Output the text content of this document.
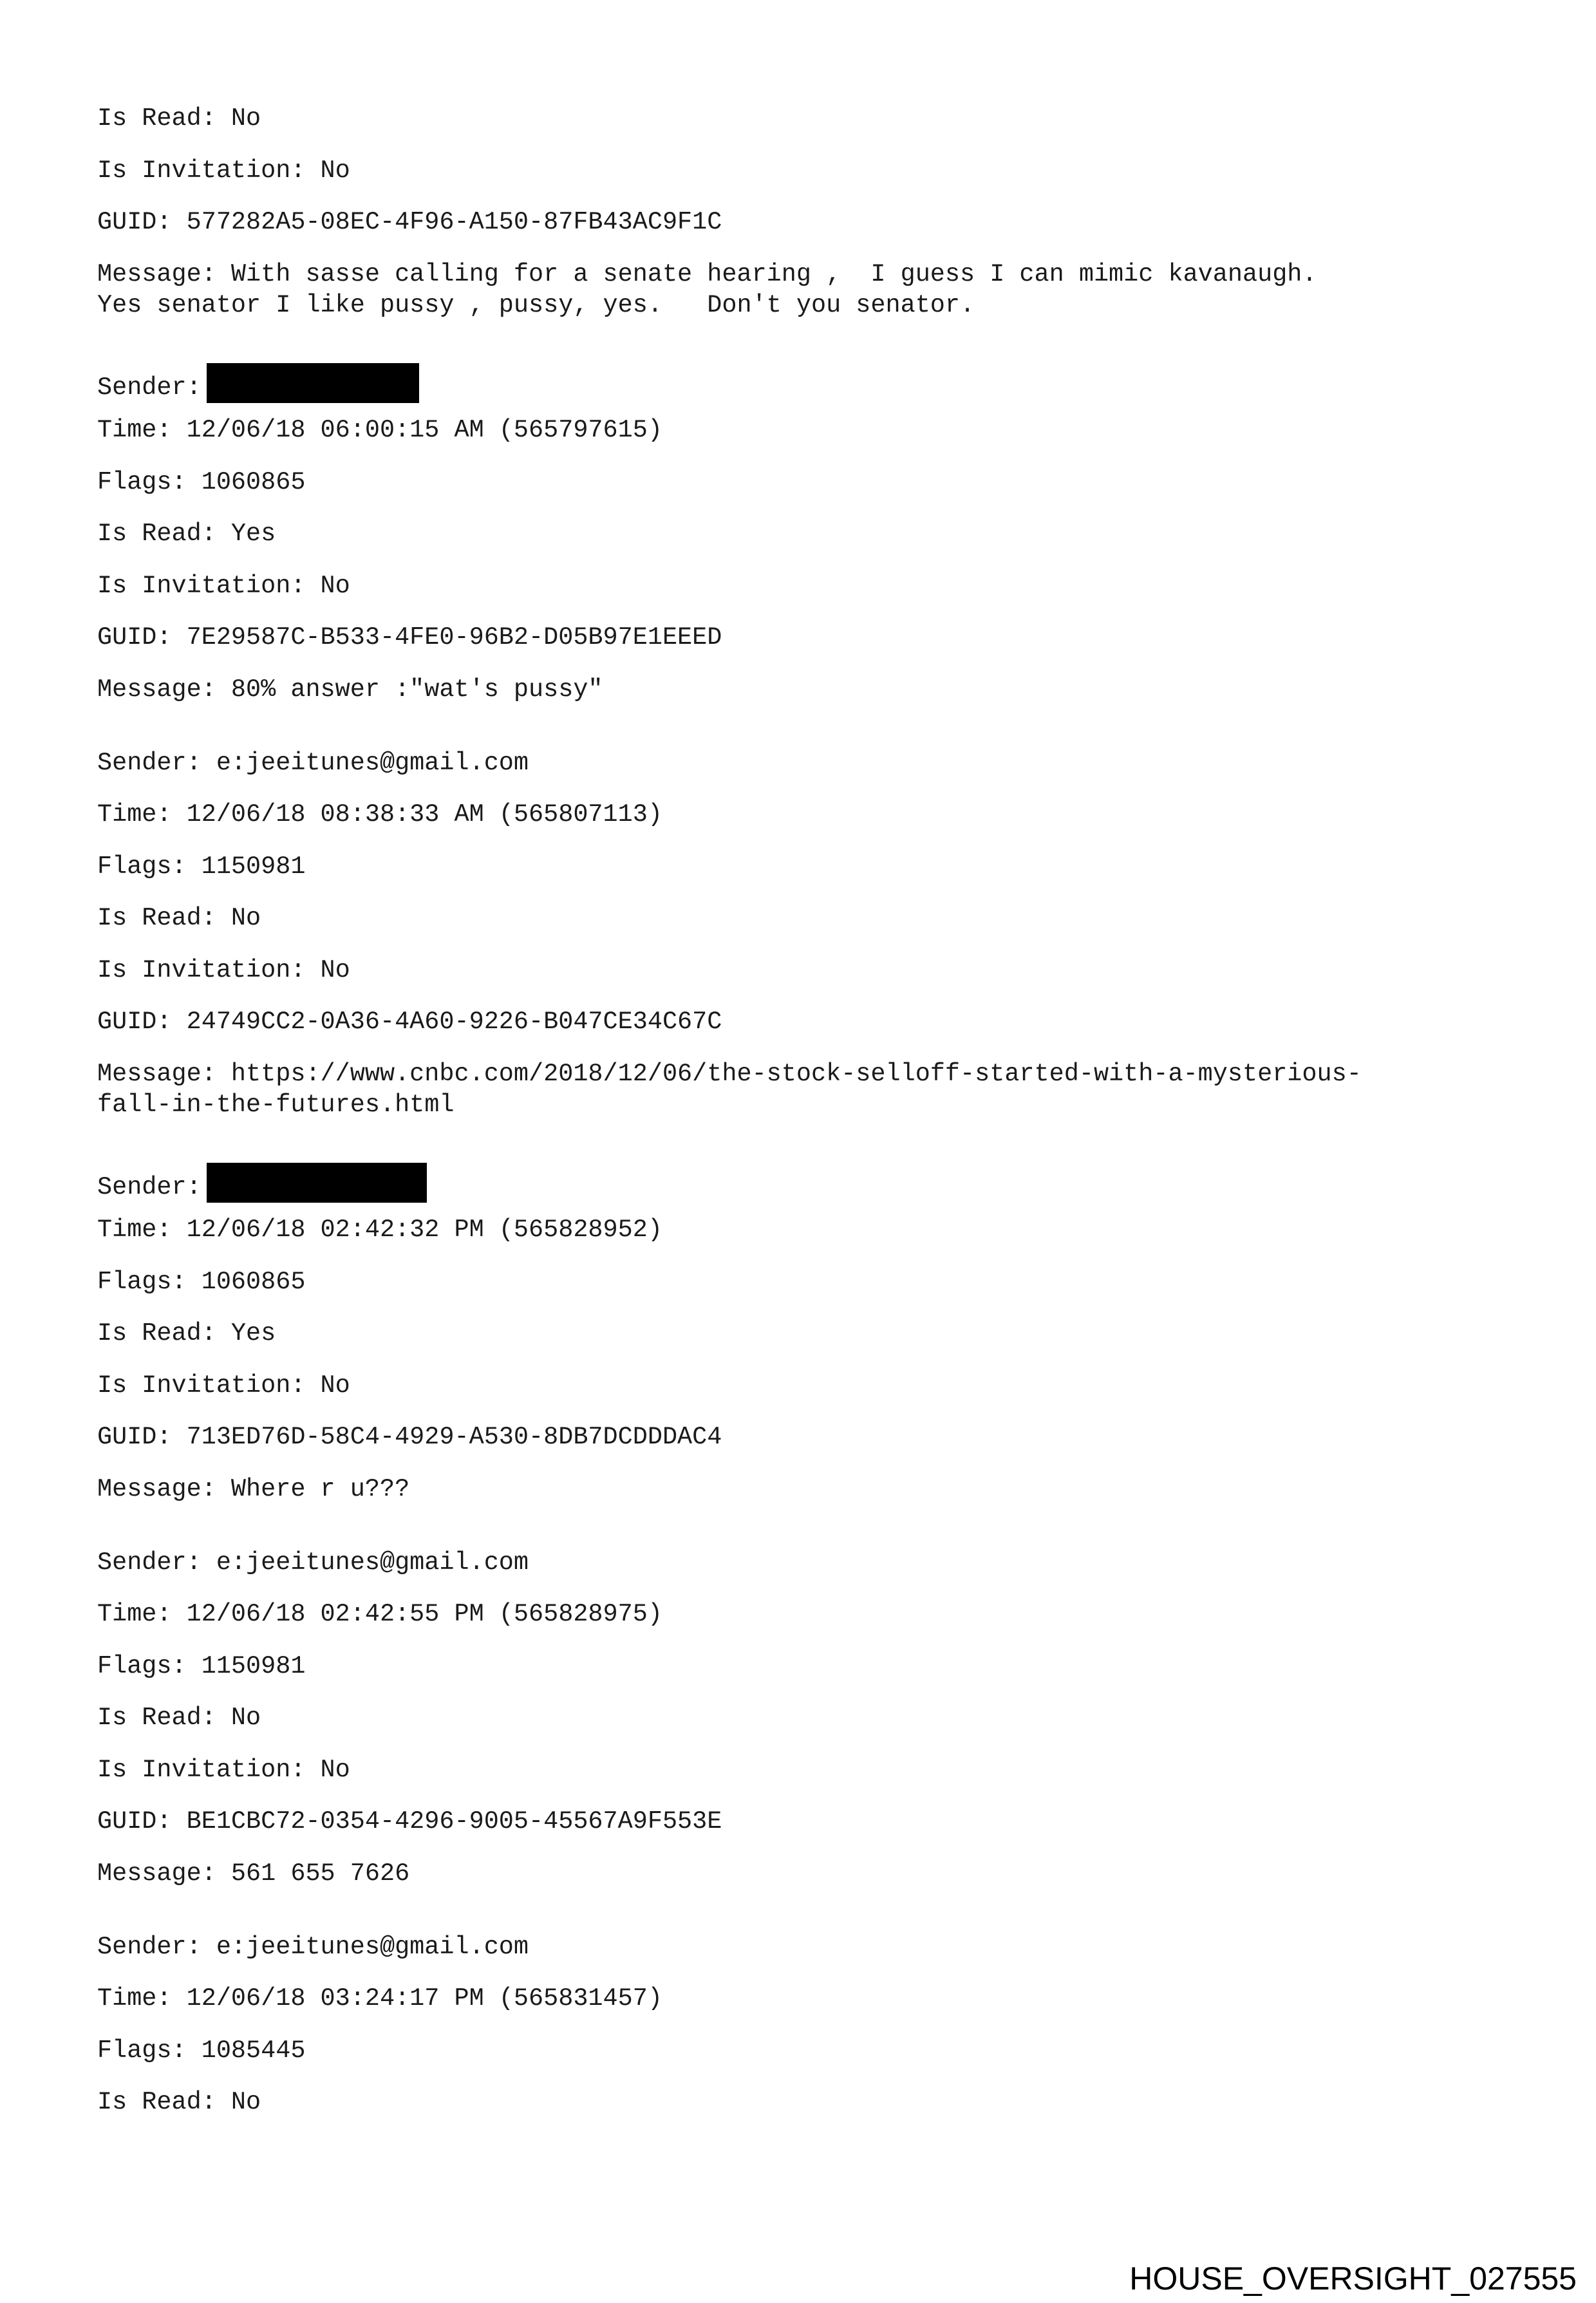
Is Read: No
Is Invitation: No
GUID: 577282A5-08EC-4F96-A150-87FB43AC9F1C
Message: With sasse calling for a senate hearing ,  I guess I can mimic kavanaugh.
Yes senator I like pussy , pussy, yes.   Don't you senator.
Sender:
Time: 12/06/18 06:00:15 AM (565797615)
Flags: 1060865
Is Read: Yes
Is Invitation: No
GUID: 7E29587C-B533-4FE0-96B2-D05B97E1EEED
Message: 80% answer :"wat's pussy"
Sender: e:jeeitunes@gmail.com
Time: 12/06/18 08:38:33 AM (565807113)
Flags: 1150981
Is Read: No
Is Invitation: No
GUID: 24749CC2-0A36-4A60-9226-B047CE34C67C
Message: https://www.cnbc.com/2018/12/06/the-stock-selloff-started-with-a-mysterious-
fall-in-the-futures.html
Sender:
Time: 12/06/18 02:42:32 PM (565828952)
Flags: 1060865
Is Read: Yes
Is Invitation: No
GUID: 713ED76D-58C4-4929-A530-8DB7DCDDDAC4
Message: Where r u???
Sender: e:jeeitunes@gmail.com
Time: 12/06/18 02:42:55 PM (565828975)
Flags: 1150981
Is Read: No
Is Invitation: No
GUID: BE1CBC72-0354-4296-9005-45567A9F553E
Message: 561 655 7626
Sender: e:jeeitunes@gmail.com
Time: 12/06/18 03:24:17 PM (565831457)
Flags: 1085445
Is Read: No
HOUSE_OVERSIGHT_027555
